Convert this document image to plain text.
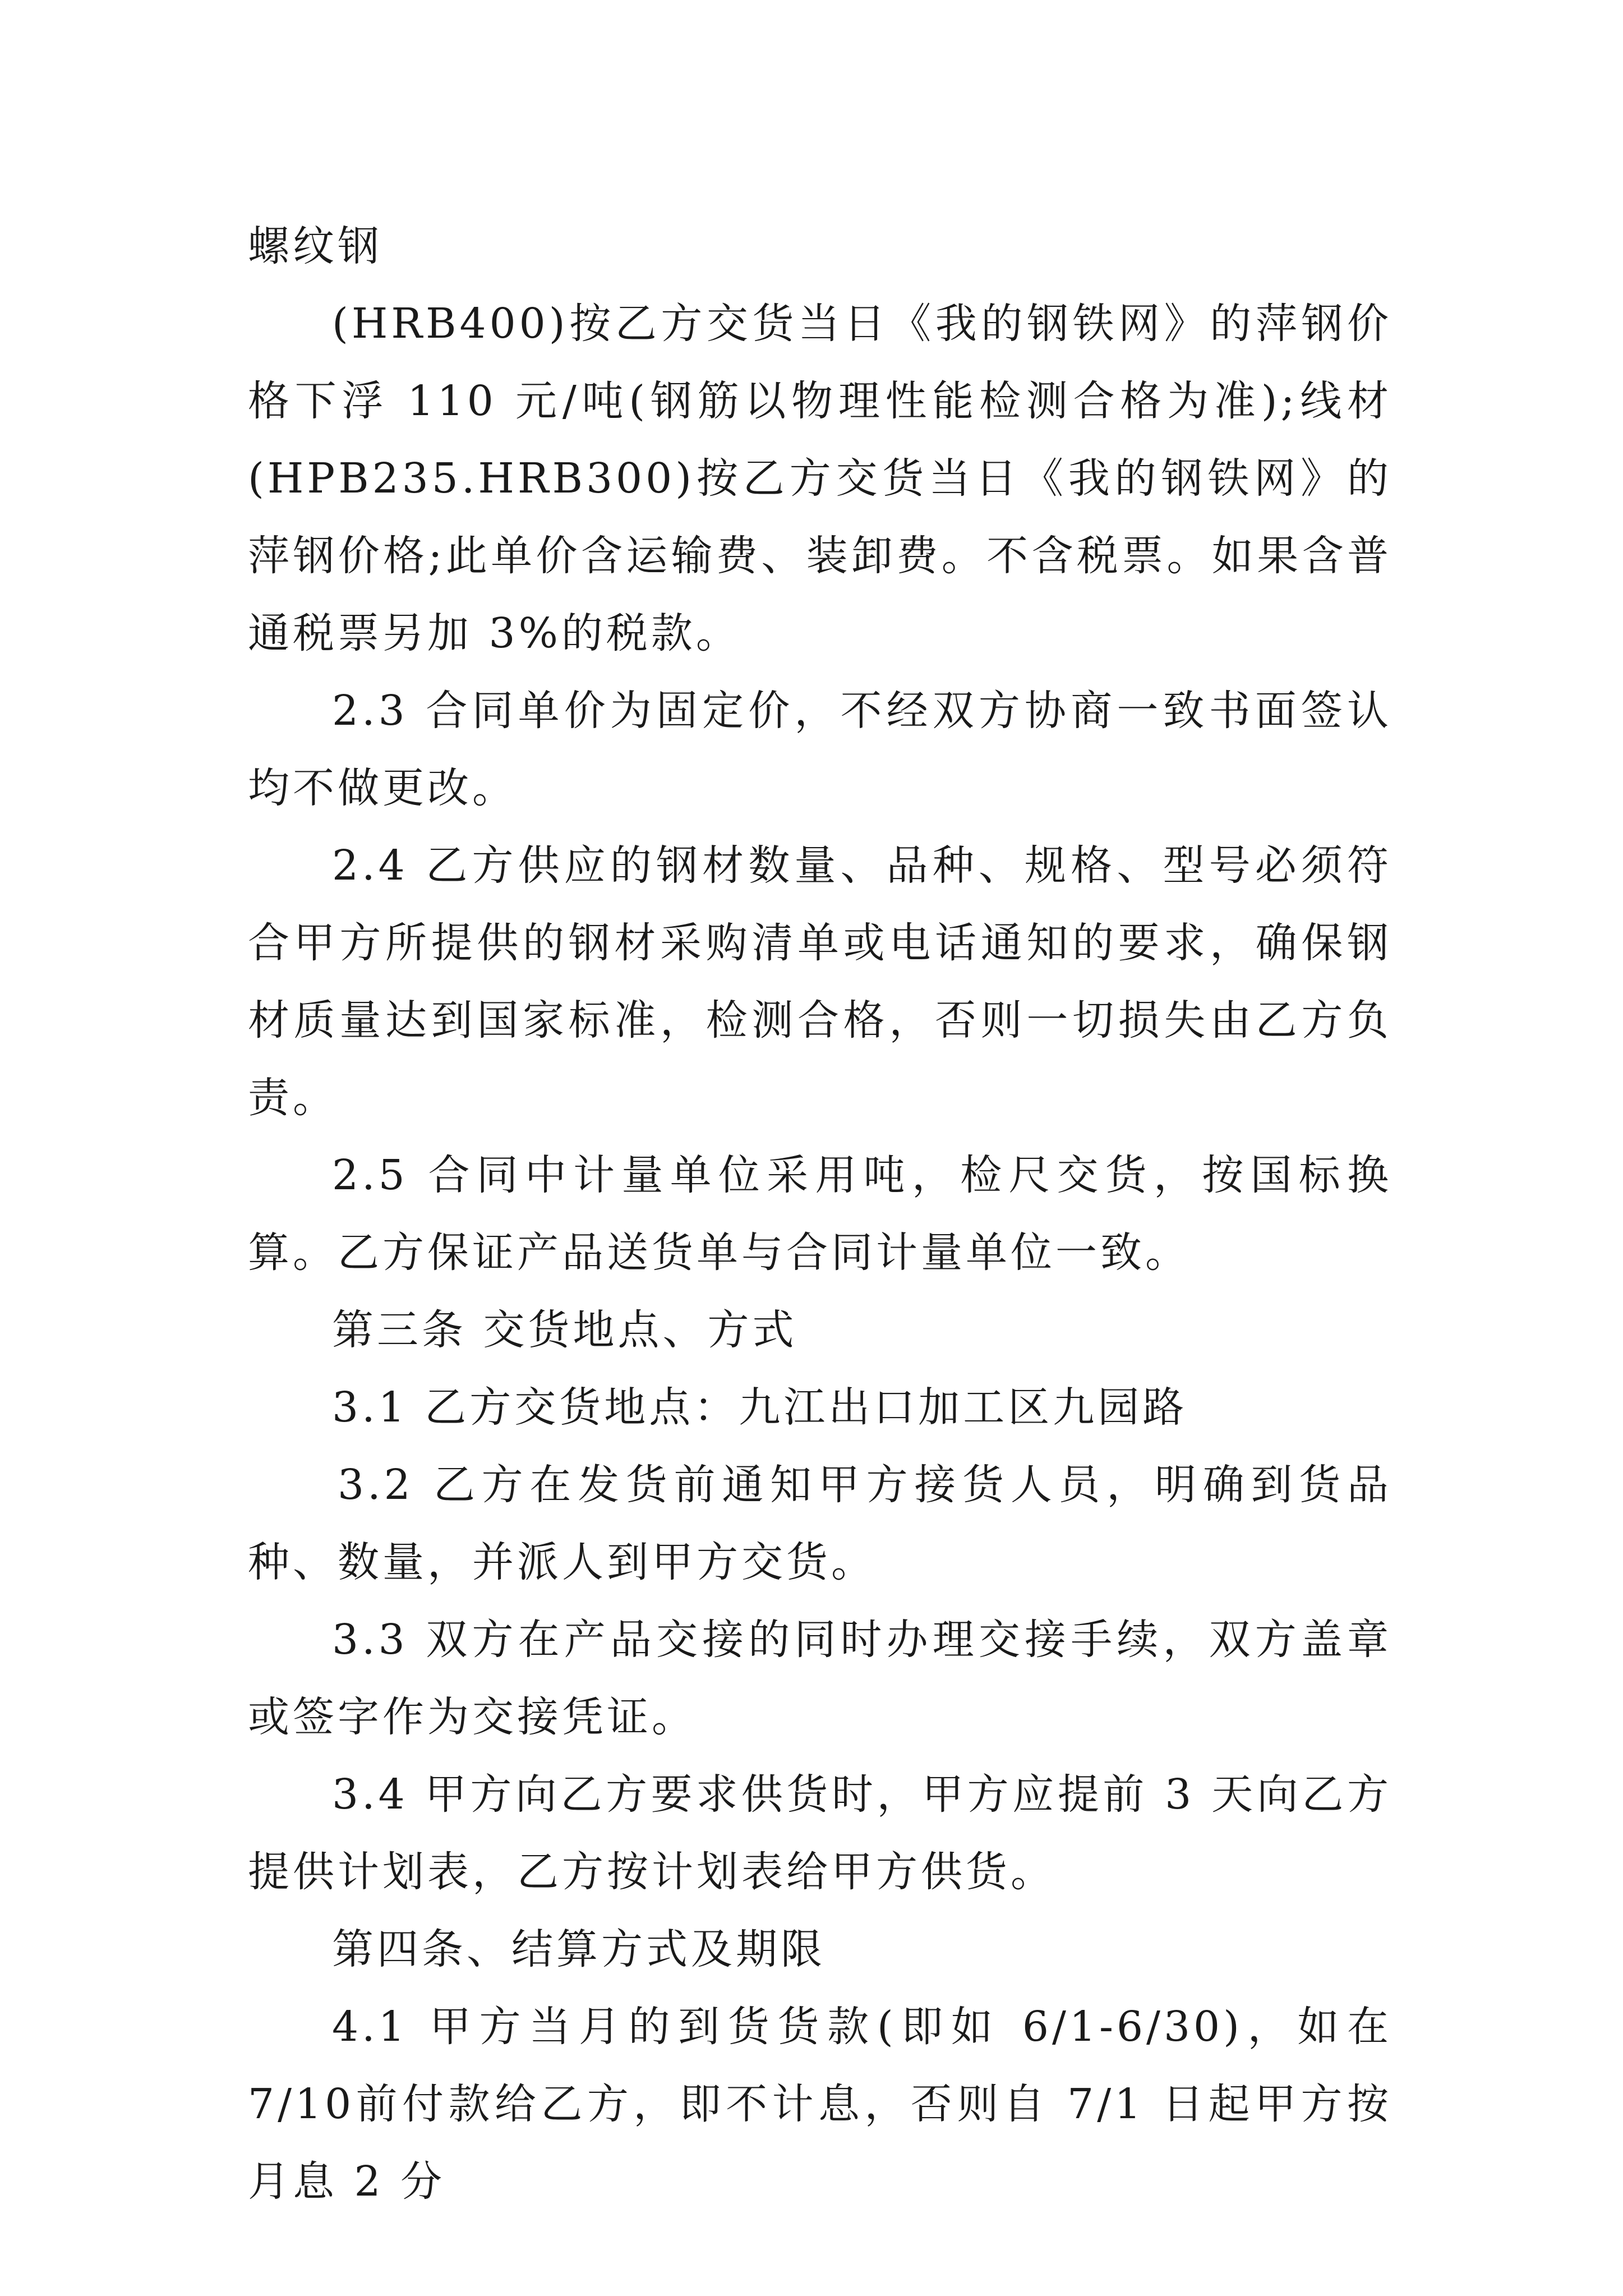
螺纹钢

(HRB400)按乙方交货当日《我的钢铁网》的萍钢价格下浮 110 元/吨(钢筋以物理性能检测合格为准);线材(HPB235.HRB300)按乙方交货当日《我的钢铁网》的萍钢价格;此单价含运输费、装卸费。不含税票。如果含普通税票另加 3%的税款。

2.3 合同单价为固定价，不经双方协商一致书面签认均不做更改。

2.4 乙方供应的钢材数量、品种、规格、型号必须符合甲方所提供的钢材采购清单或电话通知的要求，确保钢材质量达到国家标准，检测合格，否则一切损失由乙方负责。

2.5 合同中计量单位采用吨，检尺交货，按国标换算。乙方保证产品送货单与合同计量单位一致。

第三条 交货地点、方式

3.1 乙方交货地点：九江出口加工区九园路

3.2 乙方在发货前通知甲方接货人员，明确到货品种、数量，并派人到甲方交货。

3.3 双方在产品交接的同时办理交接手续，双方盖章或签字作为交接凭证。

3.4 甲方向乙方要求供货时，甲方应提前 3 天向乙方提供计划表，乙方按计划表给甲方供货。

第四条、结算方式及期限

4.1 甲方当月的到货货款(即如 6/1-6/30)，如在 7/10前付款给乙方，即不计息，否则自 7/1 日起甲方按月息 2 分
